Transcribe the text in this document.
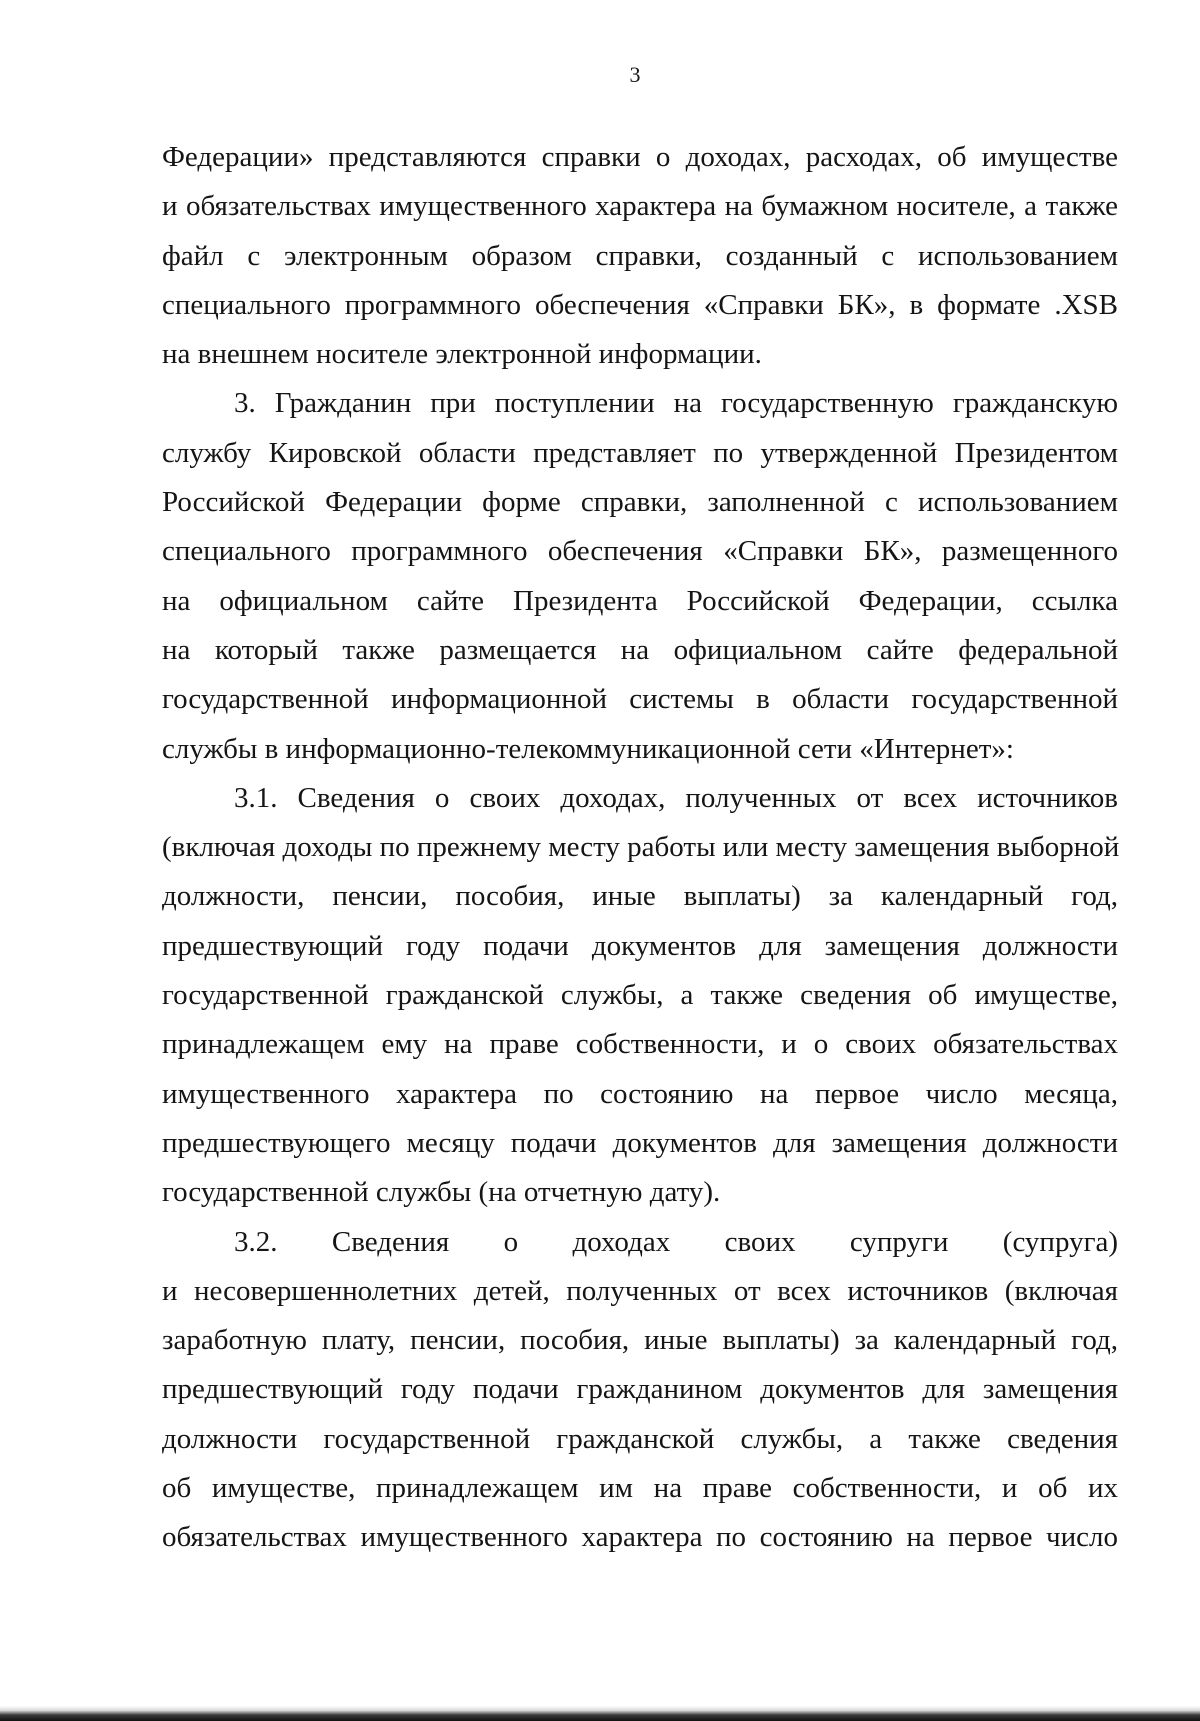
3
Федерации» представляются справки о доходах, расходах, об имуществе
и обязательствах имущественного характера на бумажном носителе, а также
файл с электронным образом справки, созданный с использованием
специального программного обеспечения «Справки БК», в формате .XSB
на внешнем носителе электронной информации.
3. Гражданин при поступлении на государственную гражданскую
службу Кировской области представляет по утвержденной Президентом
Российской Федерации форме справки, заполненной с использованием
специального программного обеспечения «Справки БК», размещенного
на официальном сайте Президента Российской Федерации, ссылка
на который также размещается на официальном сайте федеральной
государственной информационной системы в области государственной
службы в информационно-телекоммуникационной сети «Интернет»:
3.1. Сведения о своих доходах, полученных от всех источников
(включая доходы по прежнему месту работы или месту замещения выборной
должности, пенсии, пособия, иные выплаты) за календарный год,
предшествующий году подачи документов для замещения должности
государственной гражданской службы, а также сведения об имуществе,
принадлежащем ему на праве собственности, и о своих обязательствах
имущественного характера по состоянию на первое число месяца,
предшествующего месяцу подачи документов для замещения должности
государственной службы (на отчетную дату).
3.2. Сведения о доходах своих супруги (супруга)
и несовершеннолетних детей, полученных от всех источников (включая
заработную плату, пенсии, пособия, иные выплаты) за календарный год,
предшествующий году подачи гражданином документов для замещения
должности государственной гражданской службы, а также сведения
об имуществе, принадлежащем им на праве собственности, и об их
обязательствах имущественного характера по состоянию на первое число
